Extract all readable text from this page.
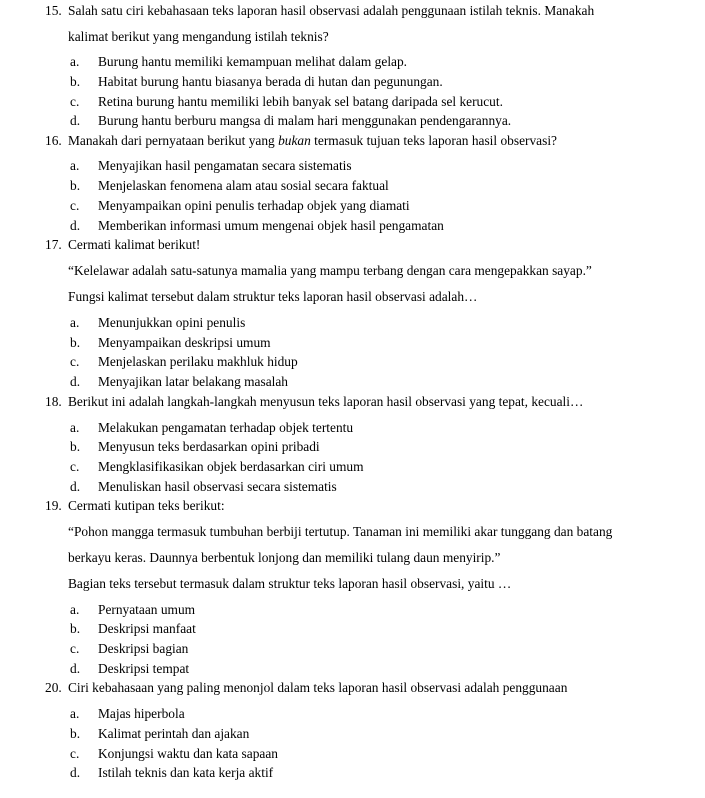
15. Salah satu ciri kebahasaan teks laporan hasil observasi adalah penggunaan istilah teknis. Manakah
kalimat berikut yang mengandung istilah teknis?
a. Burung hantu memiliki kemampuan melihat dalam gelap.
b. Habitat burung hantu biasanya berada di hutan dan pegunungan.
c. Retina burung hantu memiliki lebih banyak sel batang daripada sel kerucut.
d. Burung hantu berburu mangsa di malam hari menggunakan pendengarannya.
16. Manakah dari pernyataan berikut yang bukan termasuk tujuan teks laporan hasil observasi?
a. Menyajikan hasil pengamatan secara sistematis
b. Menjelaskan fenomena alam atau sosial secara faktual
c. Menyampaikan opini penulis terhadap objek yang diamati
d. Memberikan informasi umum mengenai objek hasil pengamatan
17. Cermati kalimat berikut!
“Kelelawar adalah satu-satunya mamalia yang mampu terbang dengan cara mengepakkan sayap.”
Fungsi kalimat tersebut dalam struktur teks laporan hasil observasi adalah…
a. Menunjukkan opini penulis
b. Menyampaikan deskripsi umum
c. Menjelaskan perilaku makhluk hidup
d. Menyajikan latar belakang masalah
18. Berikut ini adalah langkah-langkah menyusun teks laporan hasil observasi yang tepat, kecuali…
a. Melakukan pengamatan terhadap objek tertentu
b. Menyusun teks berdasarkan opini pribadi
c. Mengklasifikasikan objek berdasarkan ciri umum
d. Menuliskan hasil observasi secara sistematis
19. Cermati kutipan teks berikut:
“Pohon mangga termasuk tumbuhan berbiji tertutup. Tanaman ini memiliki akar tunggang dan batang
berkayu keras. Daunnya berbentuk lonjong dan memiliki tulang daun menyirip.”
Bagian teks tersebut termasuk dalam struktur teks laporan hasil observasi, yaitu …
a. Pernyataan umum
b. Deskripsi manfaat
c. Deskripsi bagian
d. Deskripsi tempat
20. Ciri kebahasaan yang paling menonjol dalam teks laporan hasil observasi adalah penggunaan
a. Majas hiperbola
b. Kalimat perintah dan ajakan
c. Konjungsi waktu dan kata sapaan
d. Istilah teknis dan kata kerja aktif
